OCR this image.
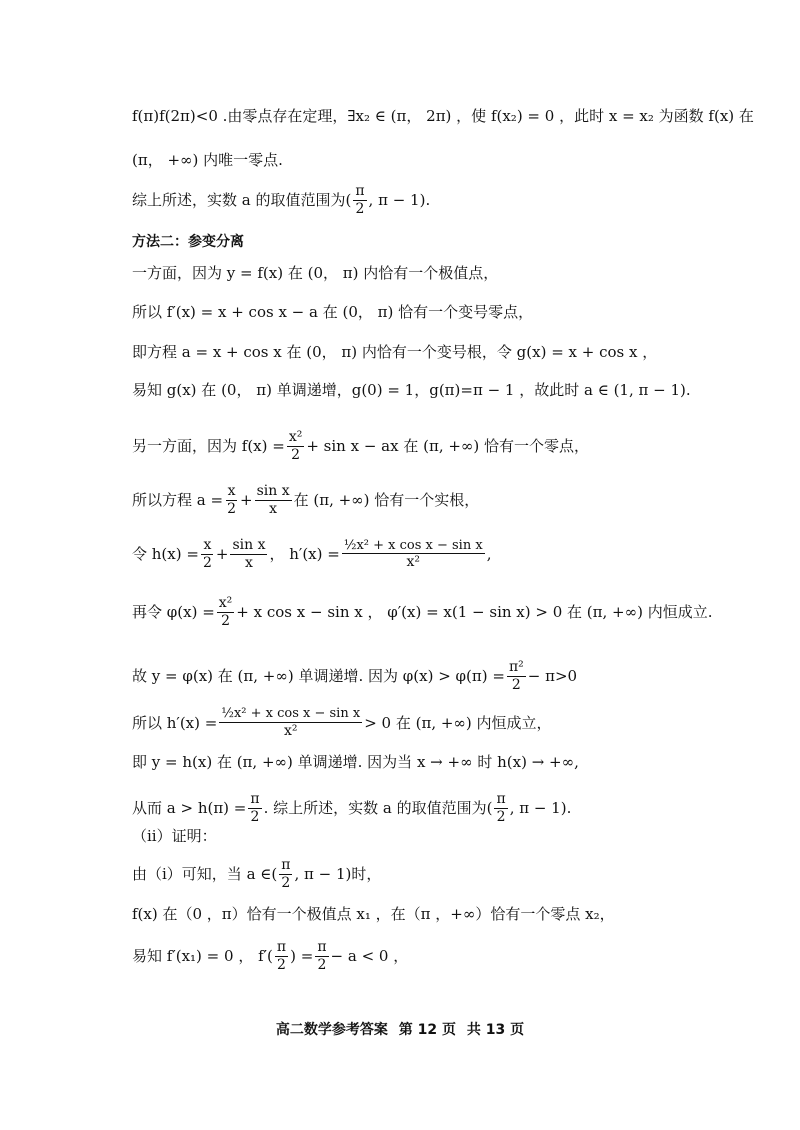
f(π)f(2π)<0 .由零点存在定理，∃x₂ ∈ (π， 2π) ，使 f(x₂) = 0 ，此时 x = x₂ 为函数 f(x) 在
(π， +∞) 内唯一零点.
综上所述，实数 a 的取值范围为 ( $\frac{\pi}{2}$ , π − 1).
方法二：参变分离
一方面，因为 y = f(x) 在 (0， π) 内恰有一个极值点，
所以 f′(x) = x + cos x − a 在 (0， π) 恰有一个变号零点，
即方程 a = x + cos x 在 (0， π) 内恰有一个变号根，令 g(x) = x + cos x ，
易知 g(x) 在 (0， π) 单调递增，g(0) = 1，g(π)=π − 1 ，故此时 a ∈ (1, π − 1).
另一方面，因为 $f(x) = \frac{\text{x²}}{2} + \sin x$ − ax 在 (π, +∞) 恰有一个零点，
所以方程 $a = \frac{x}{2} + \frac{\text{sin x}}{x}$ 在 (π, +∞) 恰有一个实根，
令 $h(x) = \frac{x}{2} + \frac{\text{sin x}}{x}$ ，
$h'(x) = \frac{\text{½x² + x cos x − sin x}}{\text{x²}}$ ,
再令 $\varphi(x) = \frac{\text{x²}}{2} + x$ cos x − sin x ， φ′(x) = x(1 − sin x) > 0 在 (π, +∞) 内恒成立.
故 y = φ(x) 在 (π, +∞) 单调递增. 因为 $\varphi(x) > \varphi(\pi) = \frac{\text{π²}}{2} - \pi>0$
所以 $h'(x) = \frac{\text{½x² + x cos x − sin x}}{\text{x²}} > 0$ 在 (π, +∞) 内恒成立，
即 y = h(x) 在 (π, +∞) 单调递增. 因为当 x → +∞ 时 h(x) → +∞,
从而 $a > h(\pi) = \frac{\pi}{2}$ . 综上所述，实数 a 的取值范围为 ( $\frac{\pi}{2}$ , π − 1).
（ii）证明：
由（i）可知，当 a ∈ ( $\frac{\pi}{2}$ , π − 1) 时，
f(x) 在（0 ，π）恰有一个极值点 x₁ ，在（π ，+∞）恰有一个零点 x₂，
易知 f′(x₁) = 0 ， $f'( \frac{\pi}{2}$ ) = $\frac{\pi}{2} - a < 0$ ，
高二数学参考答案 第 12 页 共 13 页
